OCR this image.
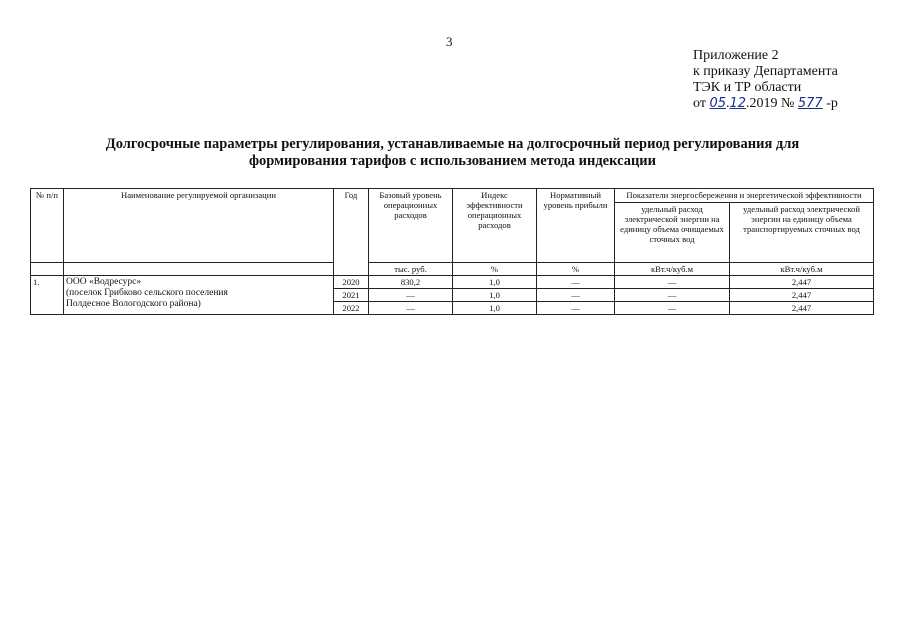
3
Приложение 2
к приказу Департамента
ТЭК и ТР области
от 05.12.2019 № 577 -р
Долгосрочные параметры регулирования, устанавливаемые на долгосрочный период регулирования для
формирования тарифов с использованием метода индексации
№ п/п	Наименование регулируемой организации	Год	Базовый уровень операционных расходов	Индекс эффективности операционных расходов	Нормативный уровень прибыли	Показатели энергосбережения и энергетической эффективности	
						удельный расход электрической энергии на единицу объема очищаемых сточных вод	удельный расход электрической энергии на единицу объема транспортируемых сточных вод
			тыс. руб.	%	%	кВт.ч/куб.м	кВт.ч/куб.м
1.	ООО «Водресурс»
(поселок Грибково сельского поселения
Полдесное Вологодского района)	2020	830,2	1,0	—	—	2,447
		2021	—	1,0	—	—	2,447
		2022	—	1,0	—	—	2,447
